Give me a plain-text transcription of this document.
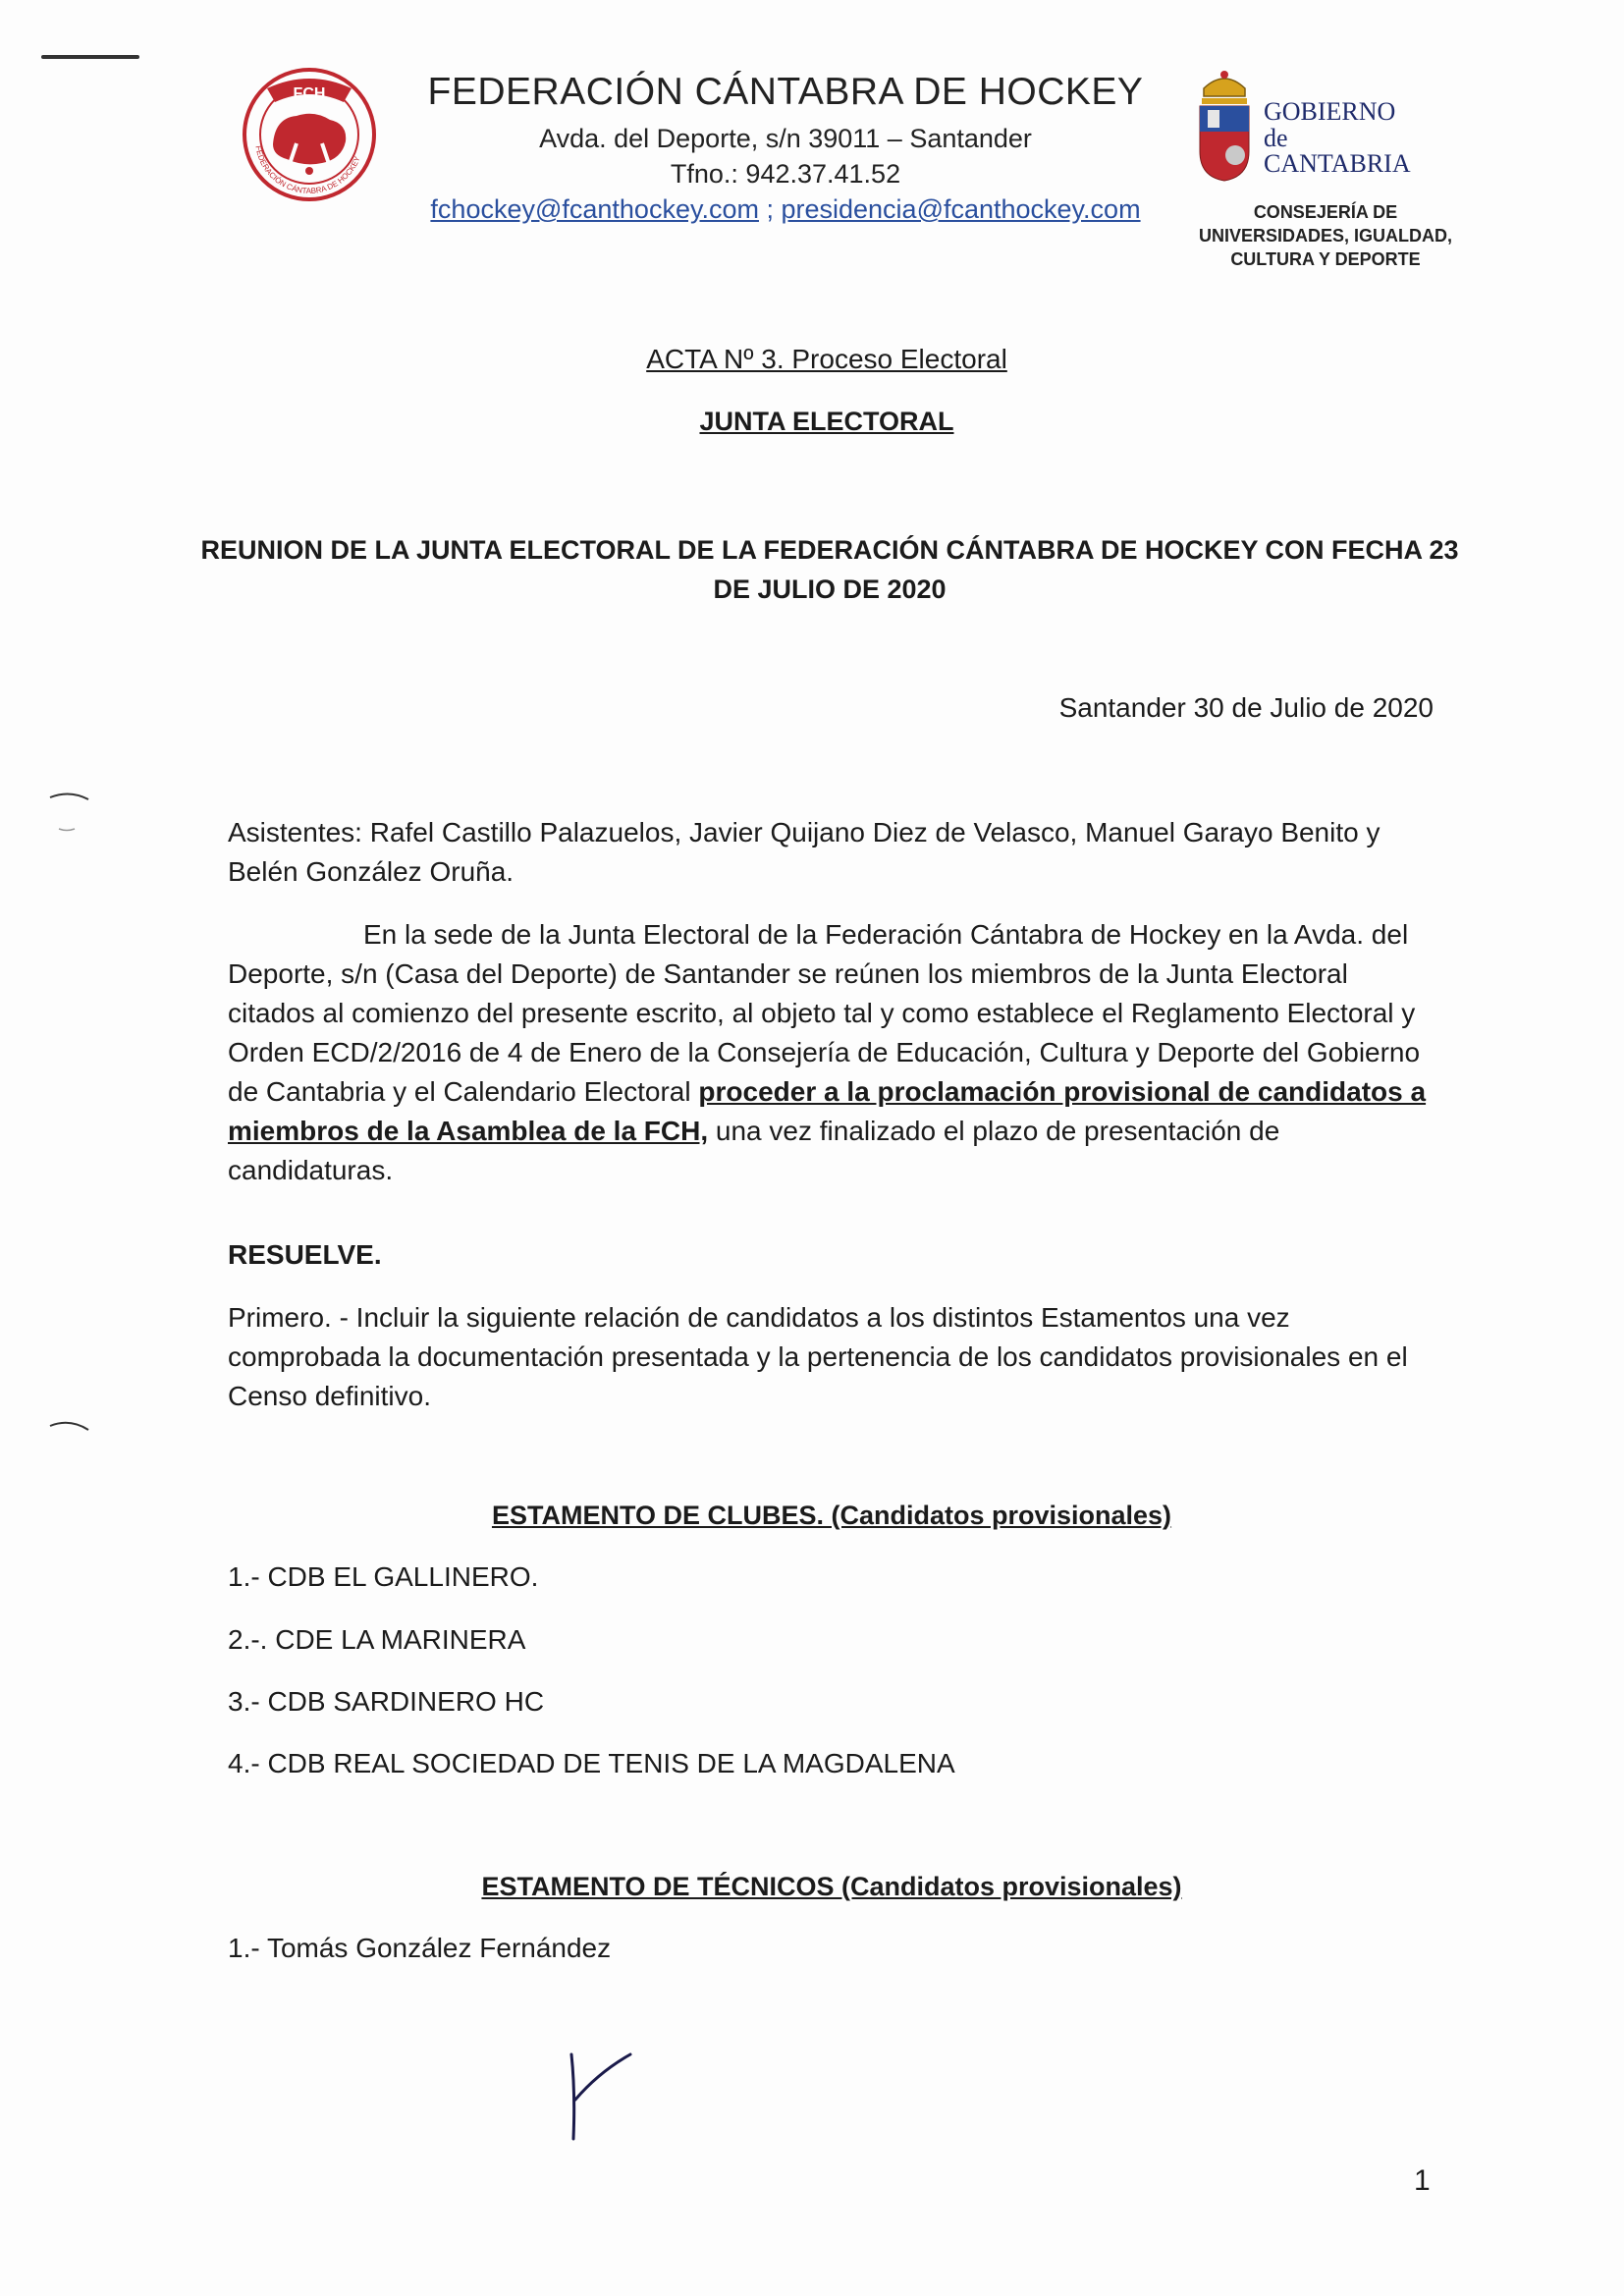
FCH
FEDERACIÓN CÁNTABRA DE HOCKEY
FEDERACIÓN CÁNTABRA DE HOCKEY
Avda. del Deporte, s/n 39011 – Santander
Tfno.: 942.37.41.52
fchockey@fcanthockey.com ; presidencia@fcanthockey.com
GOBIERNO
de
CANTABRIA
CONSEJERÍA DE
UNIVERSIDADES, IGUALDAD,
CULTURA Y DEPORTE
ACTA Nº 3. Proceso Electoral
JUNTA ELECTORAL
REUNION DE LA JUNTA ELECTORAL DE LA FEDERACIÓN CÁNTABRA DE HOCKEY CON FECHA 23
DE JULIO DE 2020
Santander 30 de Julio de 2020
Asistentes: Rafel Castillo Palazuelos, Javier Quijano Diez de Velasco, Manuel Garayo Benito y
Belén González Oruña.
En la sede de la Junta Electoral de la Federación Cántabra de Hockey en la Avda. del
Deporte, s/n (Casa del Deporte) de Santander se reúnen los miembros de la Junta Electoral
citados al comienzo del presente escrito, al objeto tal y como establece el Reglamento Electoral y
Orden ECD/2/2016 de 4 de Enero de la Consejería de Educación, Cultura y Deporte del Gobierno
de Cantabria y el Calendario Electoral proceder a la proclamación provisional de candidatos a
miembros de la Asamblea de la FCH, una vez finalizado el plazo de presentación de candidaturas.
RESUELVE.
Primero. - Incluir la siguiente relación de candidatos a los distintos Estamentos una vez
comprobada la documentación presentada y la pertenencia de los candidatos provisionales en el
Censo definitivo.
ESTAMENTO DE CLUBES. (Candidatos provisionales)
1.- CDB EL GALLINERO.
2.-. CDE LA MARINERA
3.- CDB SARDINERO HC
4.- CDB REAL SOCIEDAD DE TENIS DE LA MAGDALENA
ESTAMENTO DE TÉCNICOS (Candidatos provisionales)
1.- Tomás González Fernández
1
